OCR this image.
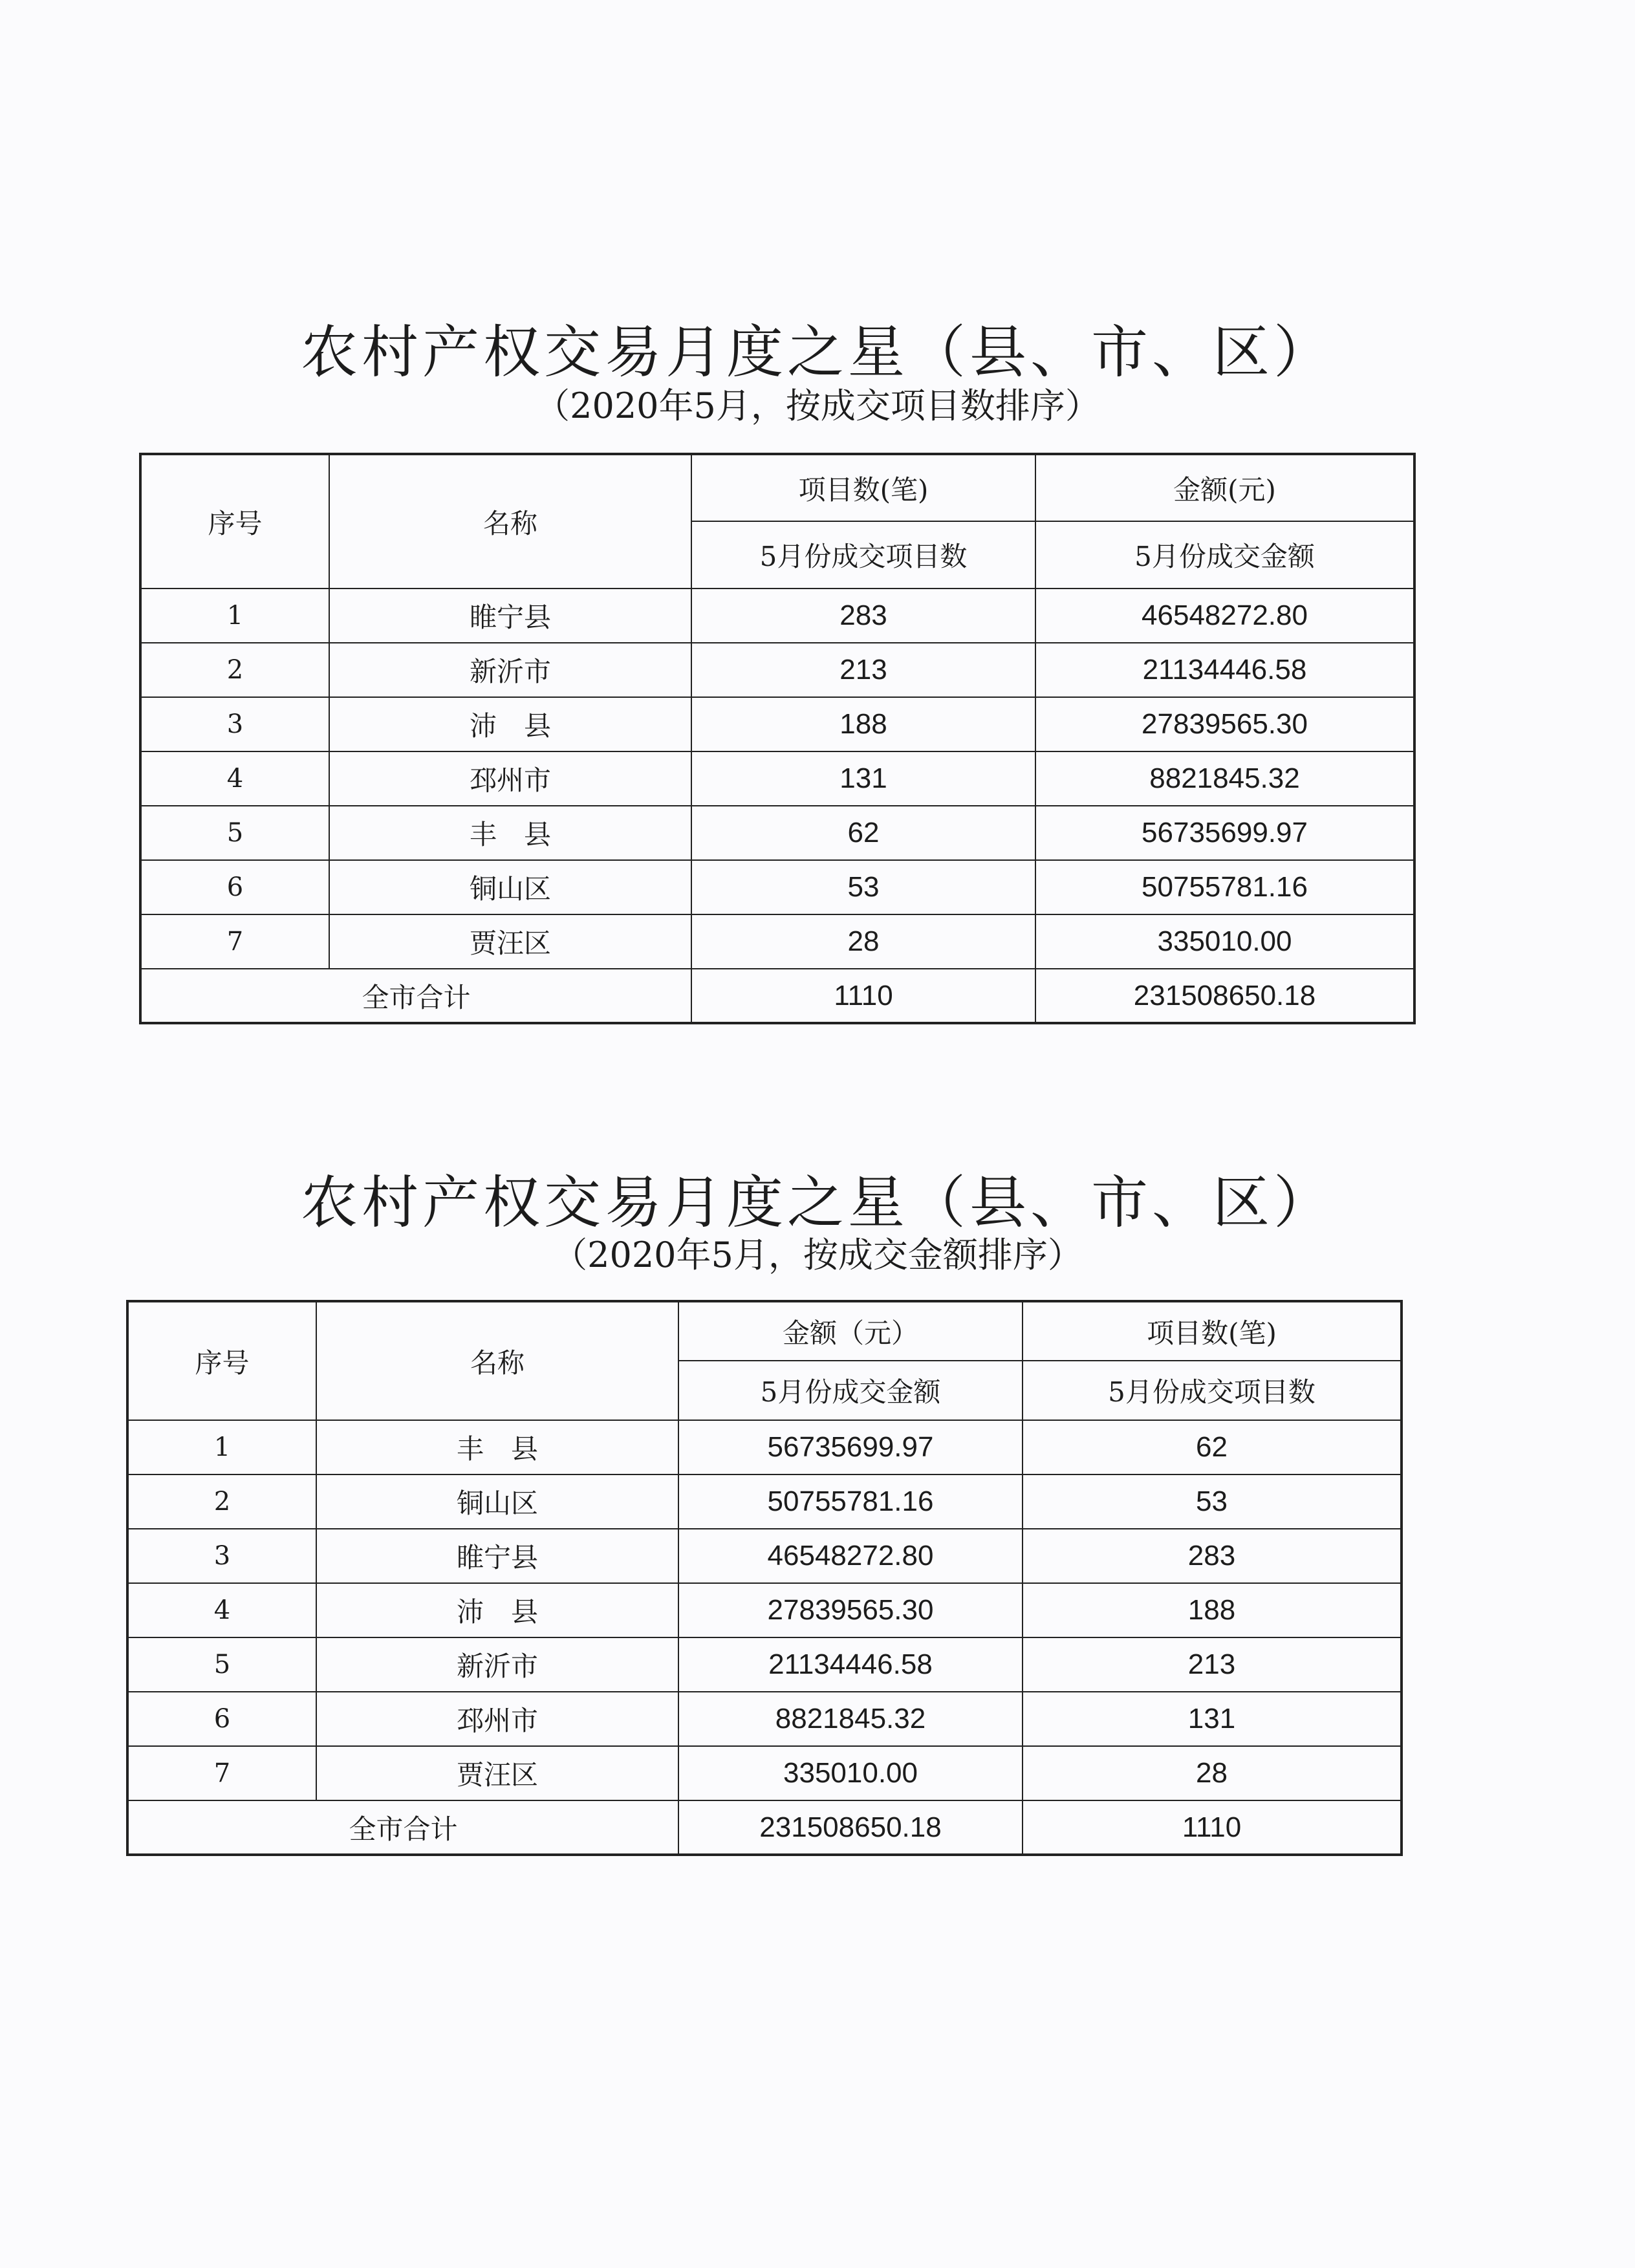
农村产权交易月度之星（县、市、区）
（2020年5月，按成交项目数排序）
序号	名称	项目数(笔)	金额(元)
		5月份成交项目数	5月份成交金额
1	睢宁县	283	46548272.80
2	新沂市	213	21134446.58
3	沛　县	188	27839565.30
4	邳州市	131	8821845.32
5	丰　县	62	56735699.97
6	铜山区	53	50755781.16
7	贾汪区	28	335010.00
全市合计		1110	231508650.18
农村产权交易月度之星（县、市、区）
（2020年5月，按成交金额排序）
序号	名称	金额（元）	项目数(笔)
		5月份成交金额	5月份成交项目数
1	丰　县	56735699.97	62
2	铜山区	50755781.16	53
3	睢宁县	46548272.80	283
4	沛　县	27839565.30	188
5	新沂市	21134446.58	213
6	邳州市	8821845.32	131
7	贾汪区	335010.00	28
全市合计		231508650.18	1110
